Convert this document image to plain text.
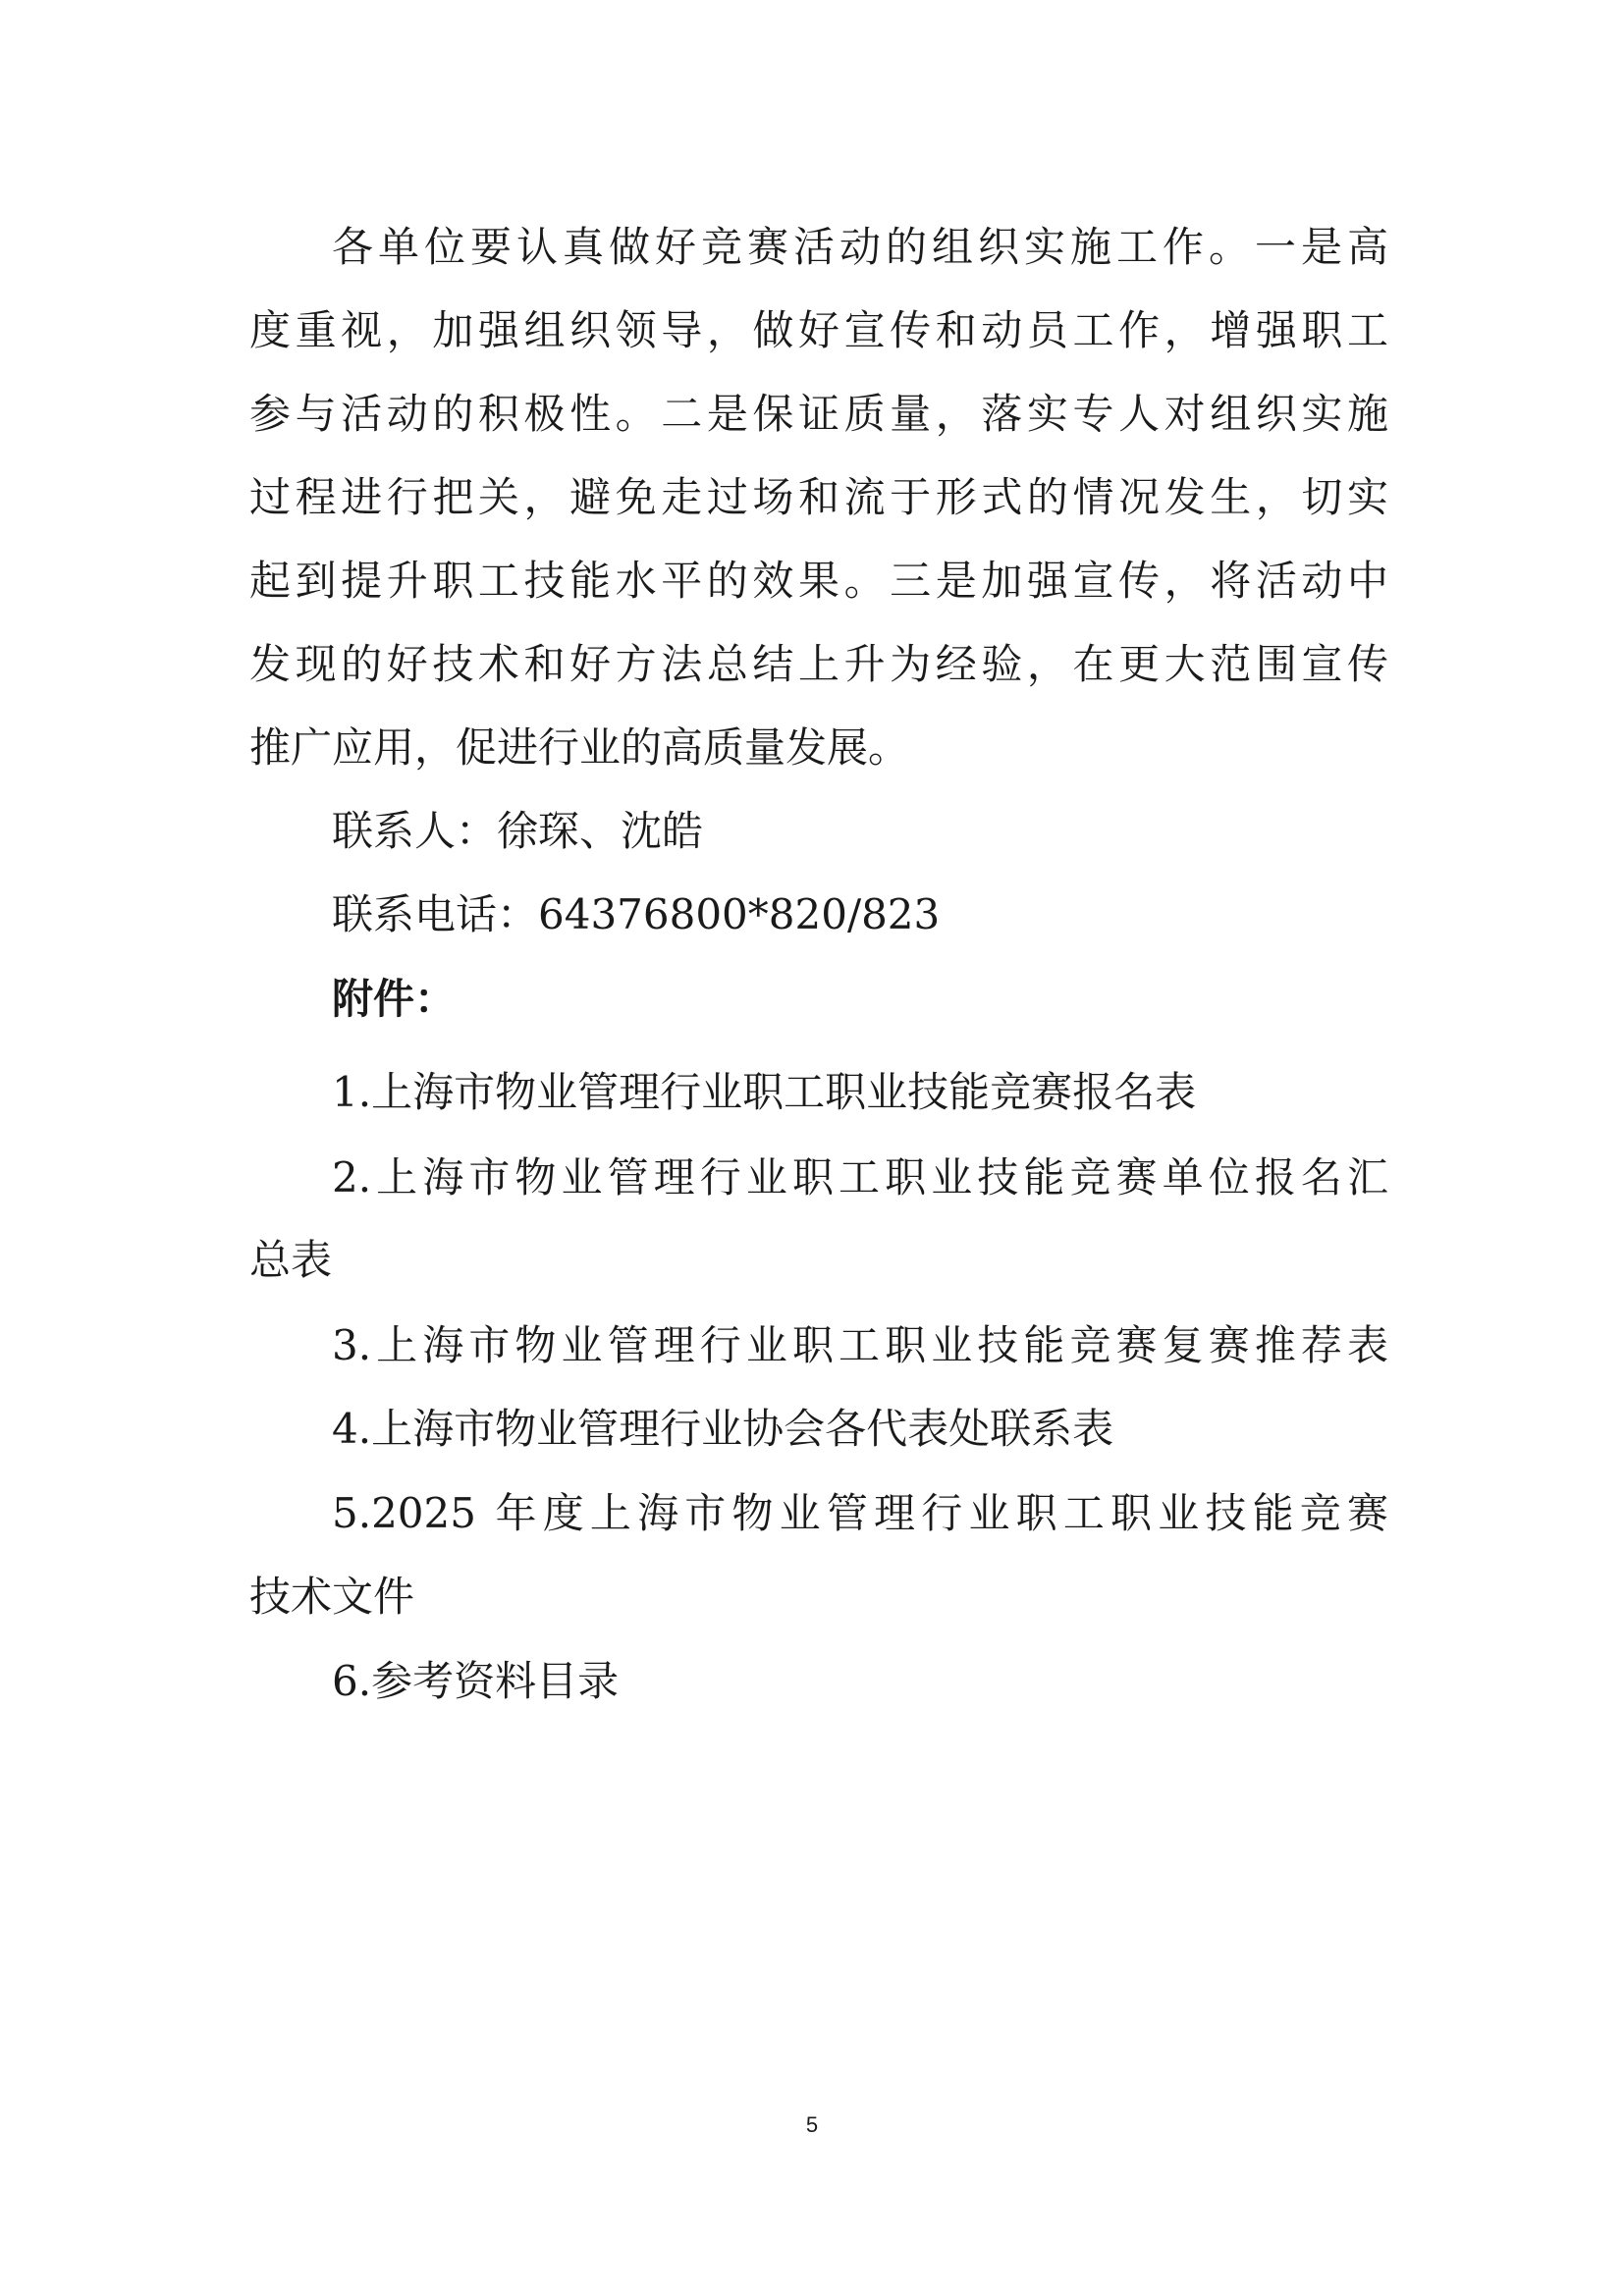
各单位要认真做好竞赛活动的组织实施工作。一是高
度重视，加强组织领导，做好宣传和动员工作，增强职工
参与活动的积极性。二是保证质量，落实专人对组织实施
过程进行把关，避免走过场和流于形式的情况发生，切实
起到提升职工技能水平的效果。三是加强宣传，将活动中
发现的好技术和好方法总结上升为经验，在更大范围宣传
推广应用，促进行业的高质量发展。
联系人：徐琛、沈皓
联系电话：64376800*820/823
附件：
1.上海市物业管理行业职工职业技能竞赛报名表
2.上海市物业管理行业职工职业技能竞赛单位报名汇
总表
3.上海市物业管理行业职工职业技能竞赛复赛推荐表
4.上海市物业管理行业协会各代表处联系表
5.2025 年度上海市物业管理行业职工职业技能竞赛
技术文件
6.参考资料目录
5
